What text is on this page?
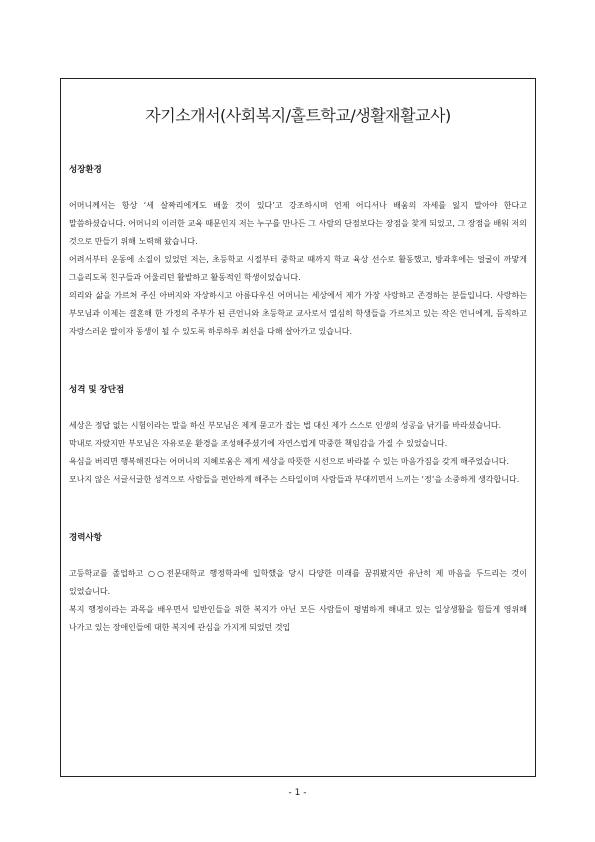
자기소개서(사회복지/홀트학교/생활재활교사)

성장환경

어머니께서는 항상 ‘세 살짜리에게도 배울 것이 있다’고 강조하시며 언제 어디서나 배움의 자세를 잃지 말아야 한다고 말씀하셨습니다. 어머니의 이러한 교육 때문인지 저는 누구를 만나든 그 사람의 단점보다는 장점을 찾게 되었고, 그 장점을 배워 저의 것으로 만들기 위해 노력해 왔습니다.

어려서부터 운동에 소질이 있었던 저는, 초등학교 시절부터 중학교 때까지 학교 육상 선수로 활동했고, 방과후에는 얼굴이 까맣게 그을리도록 친구들과 어울리던 활발하고 활동적인 학생이었습니다.

의리와 삶을 가르쳐 주신 아버지와 자상하시고 아름다우신 어머니는 세상에서 제가 가장 사랑하고 존경하는 분들입니다. 사랑하는 부모님과 이제는 결혼해 한 가정의 주부가 된 큰언니와 초등학교 교사로서 열심히 학생들을 가르치고 있는 작은 언니에게, 듬직하고 자랑스러운 딸이자 동생이 될 수 있도록 하루하루 최선을 다해 살아가고 있습니다.

성격 및 장단점

세상은 정답 없는 시험이라는 말을 하신 부모님은 제게 묻고가 잡는 법 대신 제가 스스로 인생의 성공을 낚기를 바라셨습니다.

막내로 자랐지만 부모님은 자유로운 환경을 조성해주셨기에 자연스럽게 막중한 책임감을 가질 수 있었습니다.

욕심을 버리면 행복해진다는 어머니의 지혜로움은 제게 세상을 따뜻한 시선으로 바라볼 수 있는 마음가짐을 갖게 해주었습니다.

모나지 않은 서글서글한 성격으로 사람들을 편안하게 해주는 스타일이며 사람들과 부대끼면서 느끼는 ‘정’을 소중하게 생각합니다.

경력사항

고등학교를 졸업하고 ○○전문대학교 행정학과에 입학했을 당시 다양한 미래를 꿈꿔봤지만 유난히 제 마음을 두드리는 것이 있었습니다.

복지 행정이라는 과목을 배우면서 일반인들을 위한 복지가 아닌 모든 사람들이 평범하게 해내고 있는 일상생활을 힘들게 영위해 나가고 있는 장애인들에 대한 복지에 관심을 가지게 되었던 것입

- 1 -
